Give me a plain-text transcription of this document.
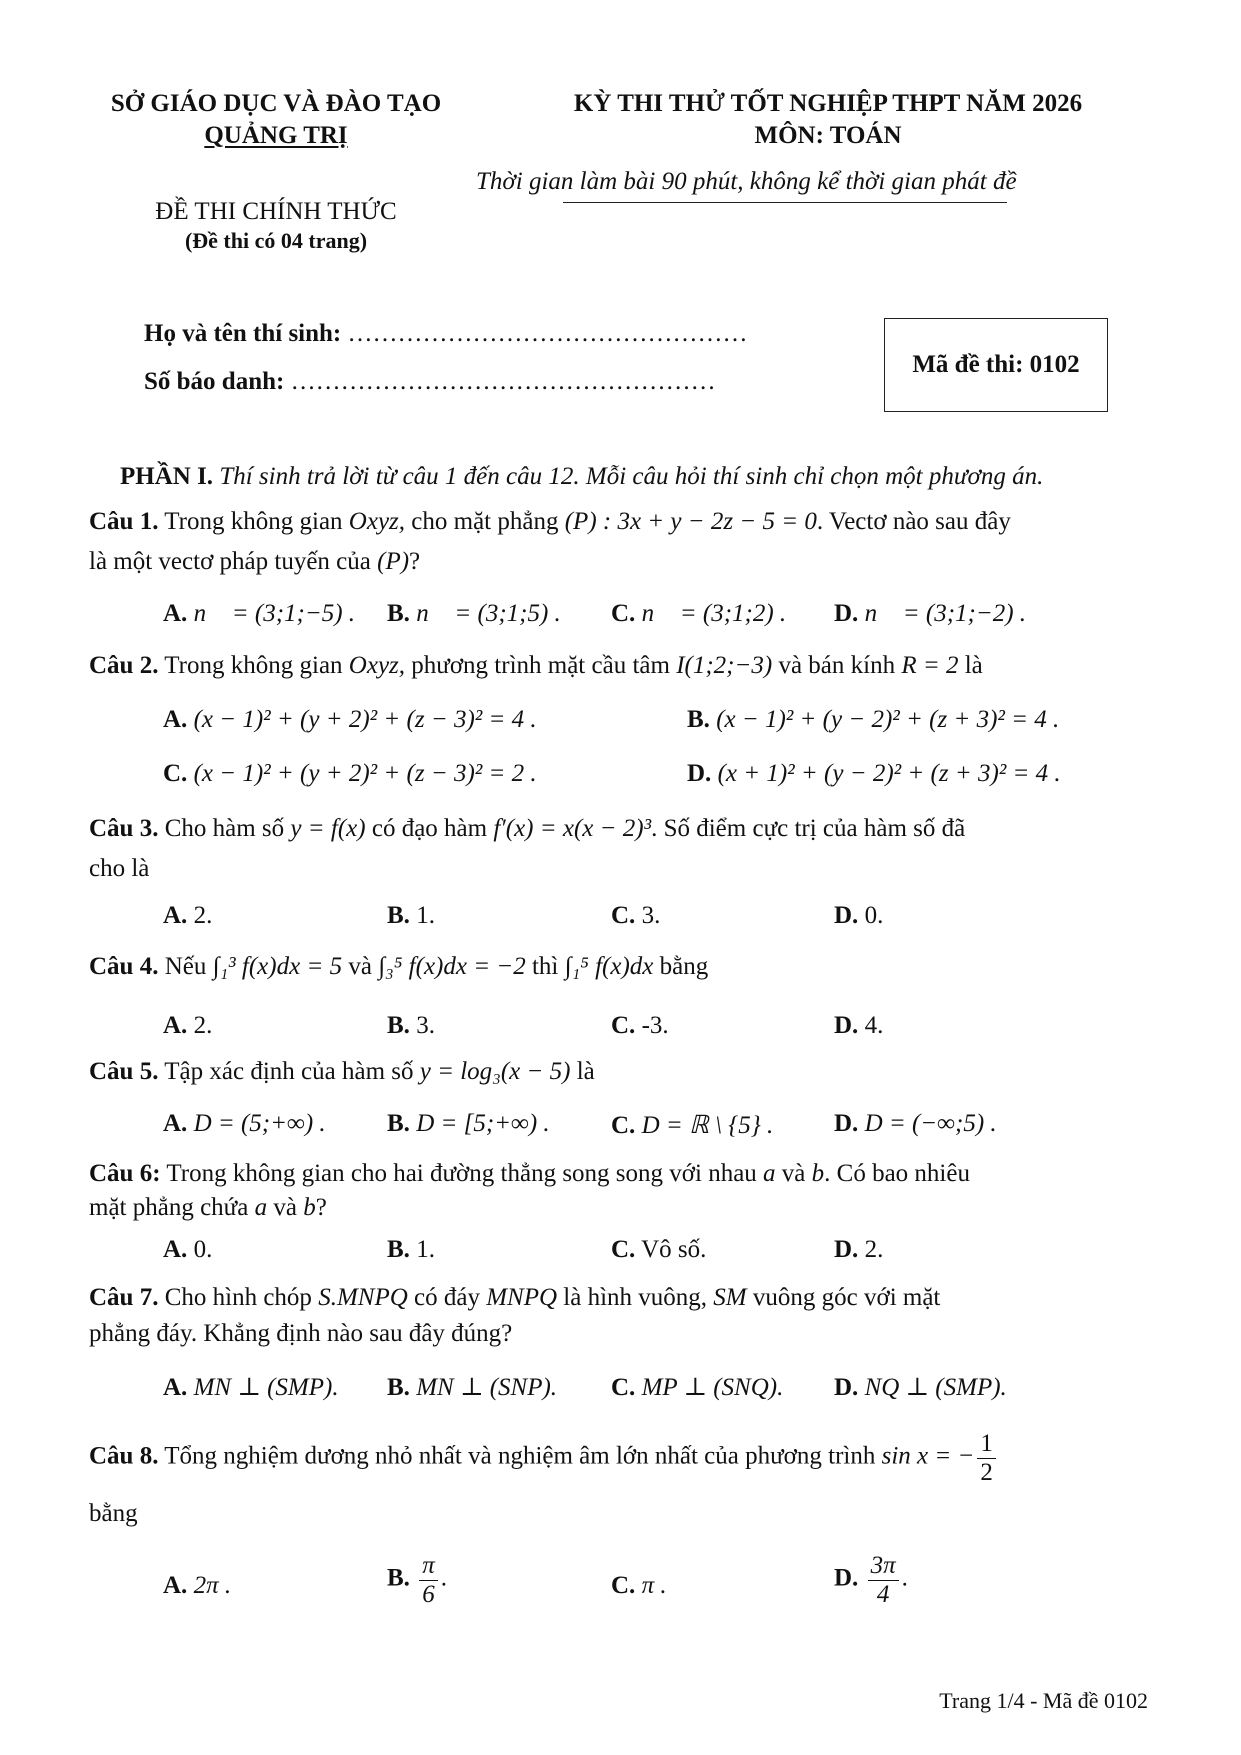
SỞ GIÁO DỤC VÀ ĐÀO TẠO
QUẢNG TRỊ
ĐỀ THI CHÍNH THỨC
(Đề thi có 04 trang)
KỲ THI THỬ TỐT NGHIỆP THPT NĂM 2026
MÔN: TOÁN
Thời gian làm bài 90 phút, không kể thời gian phát đề
Họ và tên thí sinh: …………………………………………
Số báo danh: ……………………………………………
Mã đề thi: 0102
PHẦN I. Thí sinh trả lời từ câu 1 đến câu 12. Mỗi câu hỏi thí sinh chỉ chọn một phương án.
Câu 1. Trong không gian Oxyz, cho mặt phẳng (P) : 3x + y − 2z − 5 = 0. Vectơ nào sau đây
là một vectơ pháp tuyến của (P)?
A. n⃗ = (3;1;−5) . B. n⃗ = (3;1;5) . C. n⃗ = (3;1;2) . D. n⃗ = (3;1;−2) .
Câu 2. Trong không gian Oxyz, phương trình mặt cầu tâm I(1;2;−3) và bán kính R = 2 là
A. (x − 1)² + (y + 2)² + (z − 3)² = 4 .	B. (x − 1)² + (y − 2)² + (z + 3)² = 4 .
C. (x − 1)² + (y + 2)² + (z − 3)² = 2 .	D. (x + 1)² + (y − 2)² + (z + 3)² = 4 .
Câu 3. Cho hàm số y = f(x) có đạo hàm f′(x) = x(x − 2)³. Số điểm cực trị của hàm số đã
cho là
A. 2.	B. 1.	C. 3.	D. 0.
Câu 4. Nếu ∫₁³ f(x)dx = 5 và ∫₃⁵ f(x)dx = −2 thì ∫₁⁵ f(x)dx bằng
A. 2.	B. 3.	C. -3.	D. 4.
Câu 5. Tập xác định của hàm số y = log₃(x − 5) là
A. D = (5;+∞) . B. D = [5;+∞) . C. D = ℝ \ {5} . D. D = (−∞;5) .
Câu 6: Trong không gian cho hai đường thẳng song song với nhau a và b. Có bao nhiêu
mặt phẳng chứa a và b?
A. 0.	B. 1.	C. Vô số.	D. 2.
Câu 7. Cho hình chóp S.MNPQ có đáy MNPQ là hình vuông, SM vuông góc với mặt
phẳng đáy. Khẳng định nào sau đây đúng?
A. MN ⊥ (SMP). B. MN ⊥ (SNP). C. MP ⊥ (SNQ). D. NQ ⊥ (SMP).
Câu 8. Tổng nghiệm dương nhỏ nhất và nghiệm âm lớn nhất của phương trình sin x = − $\frac{1}{2}$
bằng
A. 2π .	B. $\frac{\pi}{6}$ .	C. π .	D. $\frac{3\pi}{4}$ .
Trang 1/4 - Mã đề 0102
